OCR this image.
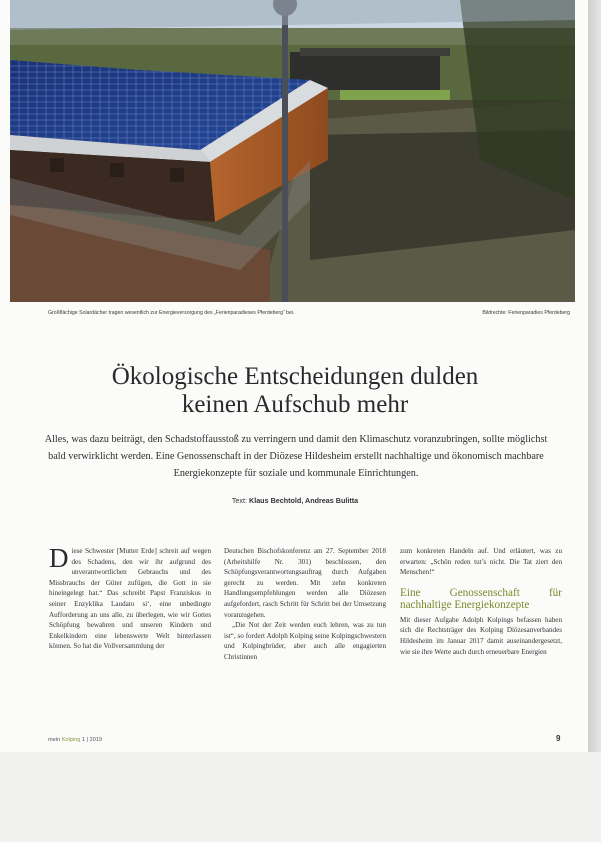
Großflächige Solardächer tragen wesentlich zur Energieversorgung des „Ferienparadieses Pferdeberg“ bei.	Bildrechte: Ferienparadies Pferdeberg
Ökologische Entscheidungen dulden
keinen Aufschub mehr

Alles, was dazu beiträgt, den Schadstoffausstoß zu verringern und damit den Klimaschutz voranzubringen, sollte möglichst bald verwirklicht werden. Eine Genossenschaft in der Diözese Hildesheim erstellt nachhaltige und ökonomisch machbare Energiekonzepte für soziale und kommunale Einrichtungen.

Text: Klaus Bechtold, Andreas Bulitta

Diese Schwester [Mutter Erde] schreit auf wegen des Schadens, den wir ihr aufgrund des unverantwortlichen Gebrauchs und des Missbrauchs der Güter zufügen, die Gott in sie hineingelegt hat.“ Das schreibt Papst Franziskus in seiner Enzyklika Laudato si‘, eine unbedingte Aufforderung an uns alle, zu überlegen, wie wir Gottes Schöpfung bewahren und unseren Kindern und Enkelkindern eine lebenswerte Welt hinterlassen können. So hat die Vollversammlung der

Deutschen Bischofskonferenz am 27. September 2018 (Arbeitshilfe Nr. 301) beschlossen, den Schöpfungsverantwortungsauftrag durch Aufgaben gerecht zu werden. Mit zehn konkreten Handlungsempfehlungen werden alle Diözesen aufgefordert, rasch Schritt für Schritt bei der Umsetzung voranzugehen.

„Die Not der Zeit werden euch lehren, was zu tun ist“, so fordert Adolph Kolping seine Kolpingschwestern und Kolpingbrüder, aber auch alle engagierten Christinnen

zum konkreten Handeln auf. Und erläutert, was zu erwarten: „Schön reden tut’s nicht. Die Tat ziert den Menschen!“

Eine Genossenschaft für nachhaltige Energiekonzepte

Mit dieser Aufgabe Adolph Kolpings befassen haben sich die Rechtsträger des Kolping Diözesanverbandes Hildesheim im Januar 2017 damit auseinandergesetzt, wie sie ihre Werte auch durch erneuerbare Energien

mein Kolping 1 | 2019	9
